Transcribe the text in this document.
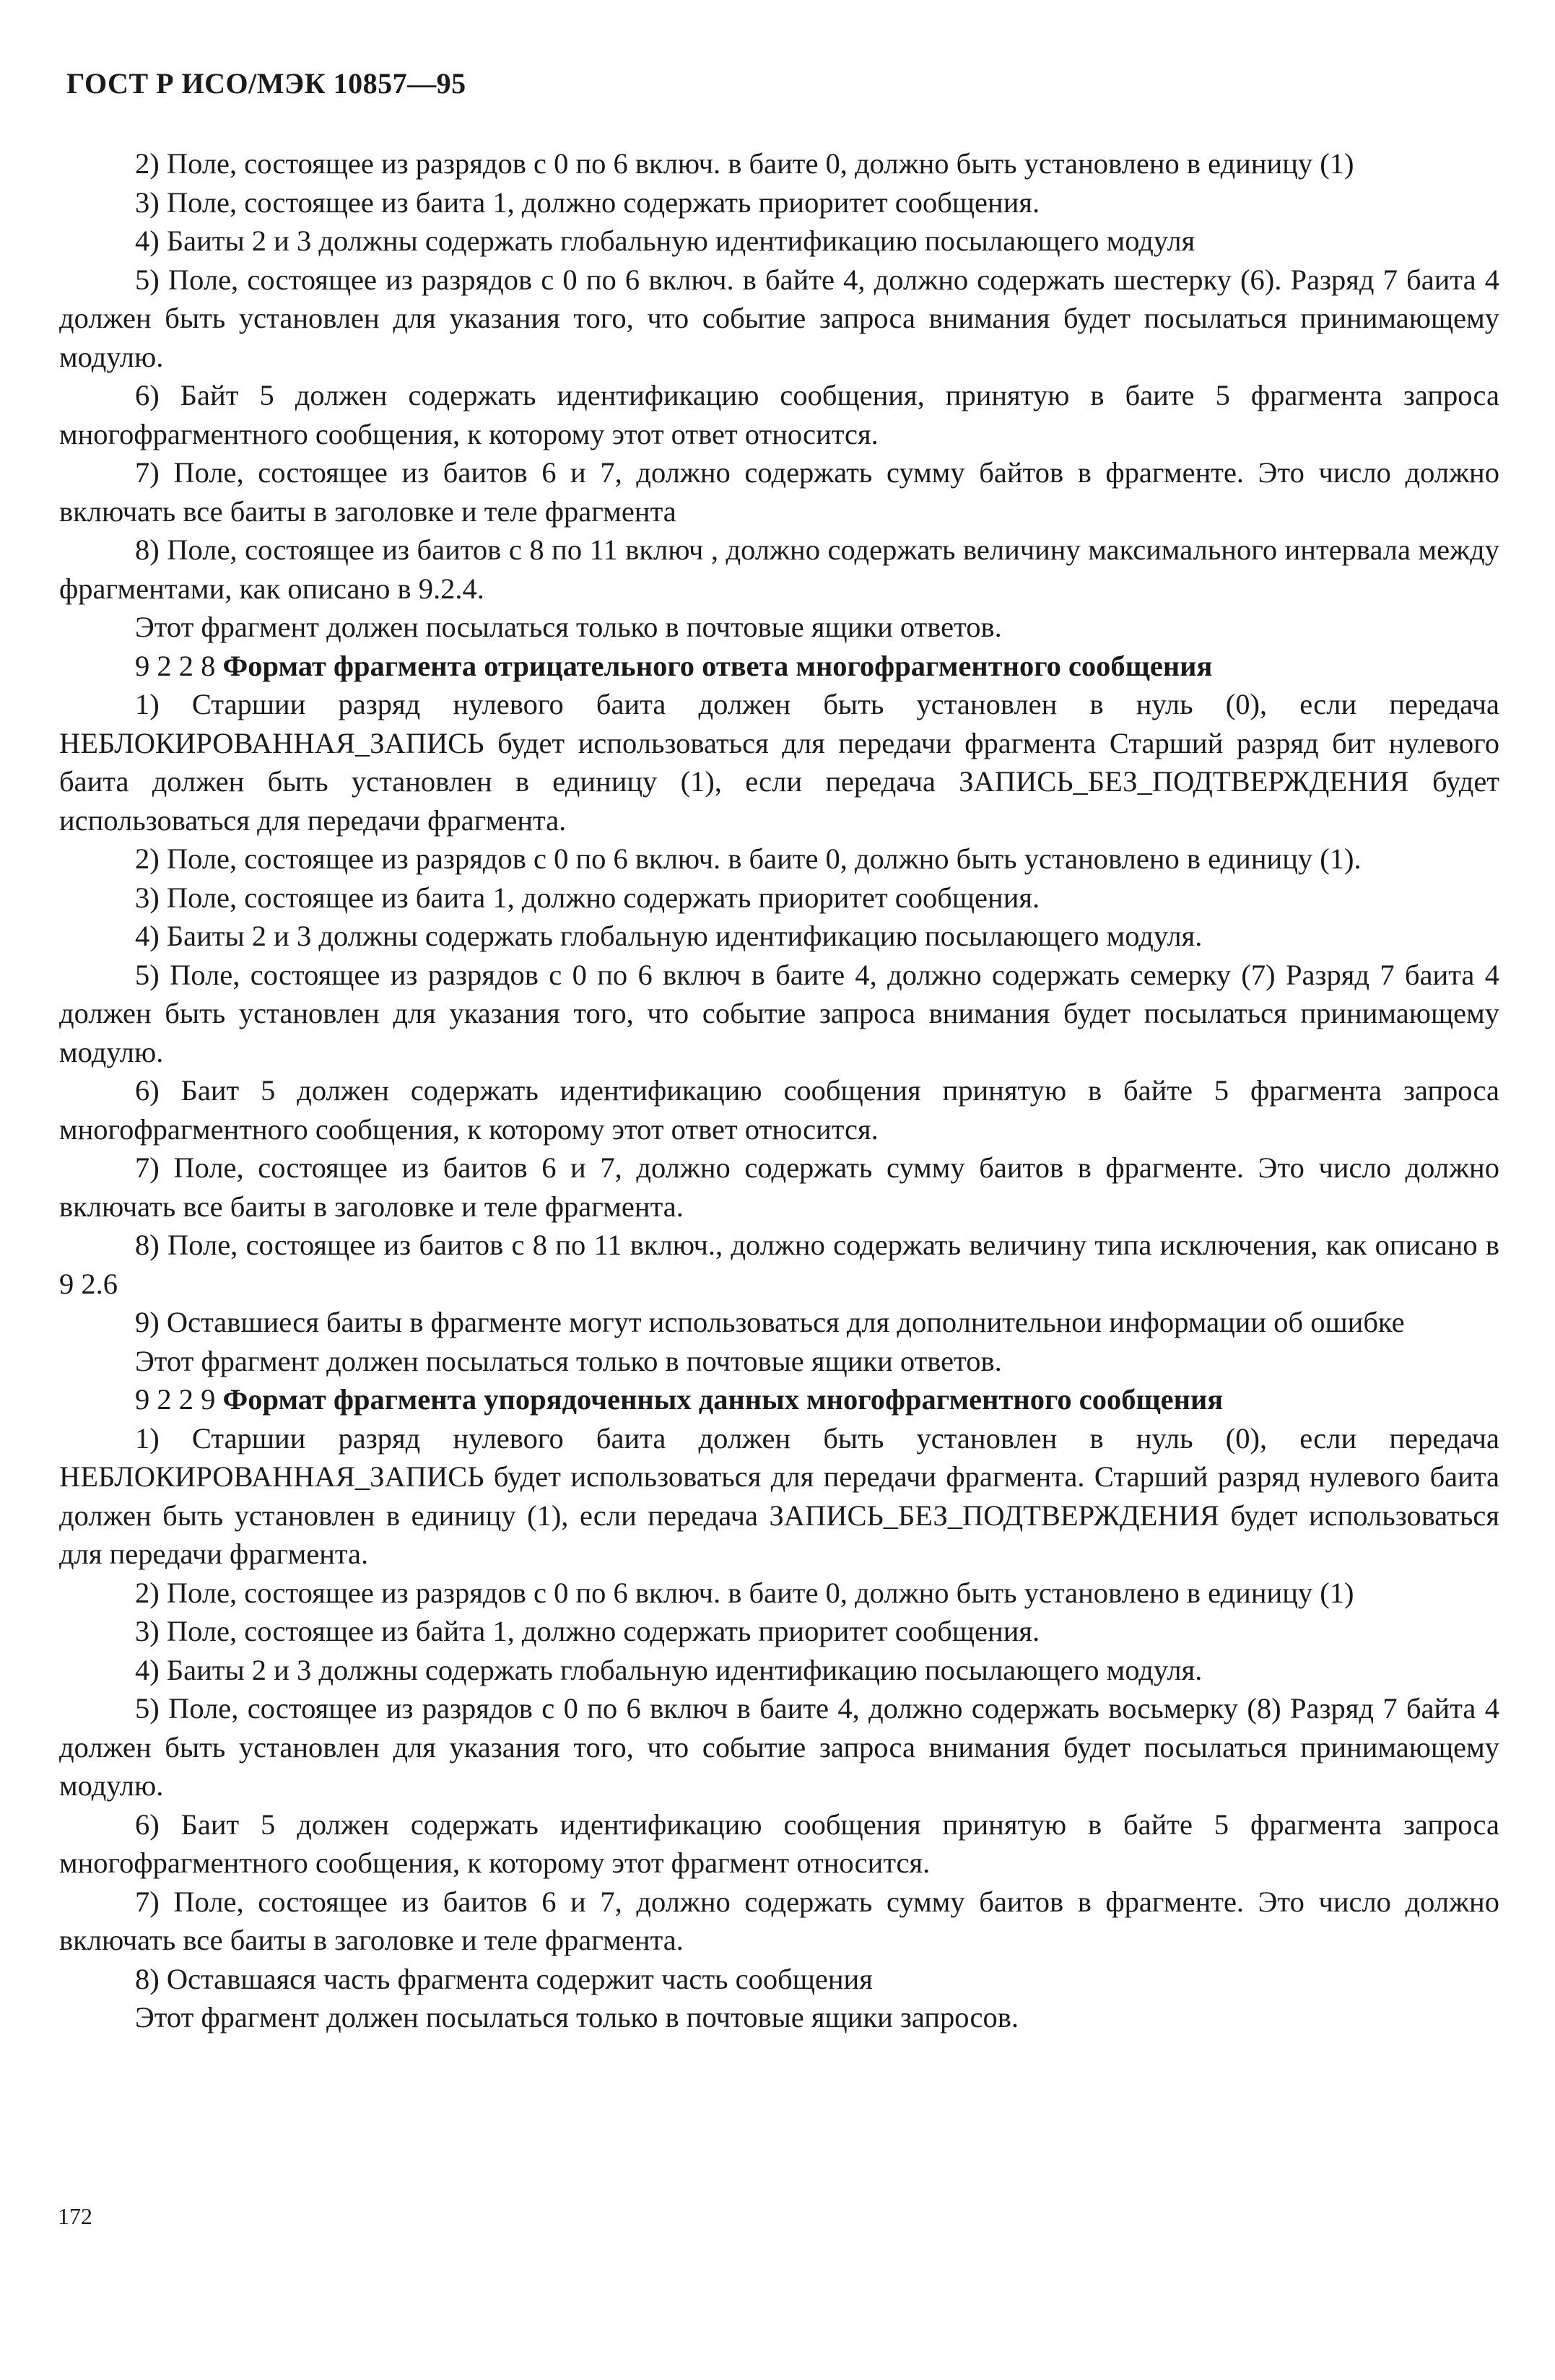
ГОСТ Р ИСО/МЭК 10857—95

2) Поле, состоящее из разрядов с 0 по 6 включ. в баите 0, должно быть установлено в единицу (1)

3) Поле, состоящее из баита 1, должно содержать приоритет сообщения.

4) Баиты 2 и 3 должны содержать глобальную идентификацию посылающего модуля

5) Поле, состоящее из разрядов с 0 по 6 включ. в байте 4, должно содержать шестерку (6). Разряд 7 баита 4 должен быть установлен для указания того, что событие запроса внимания будет посылаться принимающему модулю.

6) Байт 5 должен содержать идентификацию сообщения, принятую в баите 5 фрагмента запроса многофрагментного сообщения, к которому этот ответ относится.

7) Поле, состоящее из баитов 6 и 7, должно содержать сумму байтов в фрагменте. Это число должно включать все баиты в заголовке и теле фрагмента

8) Поле, состоящее из баитов с 8 по 11 включ , должно содержать величину максимального интервала между фрагментами, как описано в 9.2.4.

Этот фрагмент должен посылаться только в почтовые ящики ответов.

9 2 2 8 Формат фрагмента отрицательного ответа многофрагментного сообщения

1) Старшии разряд нулевого баита должен быть установлен в нуль (0), если передача НЕБЛОКИРОВАННАЯ_ЗАПИСЬ будет использоваться для передачи фрагмента Старший разряд бит нулевого баита должен быть установлен в единицу (1), если передача ЗАПИСЬ_БЕЗ_ПОДТВЕРЖДЕНИЯ будет использоваться для передачи фрагмента.

2) Поле, состоящее из разрядов с 0 по 6 включ. в баите 0, должно быть установлено в единицу (1).

3) Поле, состоящее из баита 1, должно содержать приоритет сообщения.

4) Баиты 2 и 3 должны содержать глобальную идентификацию посылающего модуля.

5) Поле, состоящее из разрядов с 0 по 6 включ в баите 4, должно содержать семерку (7) Разряд 7 баита 4 должен быть установлен для указания того, что событие запроса внимания будет посылаться принимающему модулю.

6) Баит 5 должен содержать идентификацию сообщения принятую в байте 5 фрагмента запроса многофрагментного сообщения, к которому этот ответ относится.

7) Поле, состоящее из баитов 6 и 7, должно содержать сумму баитов в фрагменте. Это число должно включать все баиты в заголовке и теле фрагмента.

8) Поле, состоящее из баитов с 8 по 11 включ., должно содержать величину типа исключения, как описано в 9 2.6

9) Оставшиеся баиты в фрагменте могут использоваться для дополнительнои информации об ошибке

Этот фрагмент должен посылаться только в почтовые ящики ответов.

9 2 2 9 Формат фрагмента упорядоченных данных многофрагментного сообщения

1) Старшии разряд нулевого баита должен быть установлен в нуль (0), если передача НЕБЛОКИРОВАННАЯ_ЗАПИСЬ будет использоваться для передачи фрагмента. Старший разряд нулевого баита должен быть установлен в единицу (1), если передача ЗАПИСЬ_БЕЗ_ПОДТВЕРЖДЕНИЯ будет использоваться для передачи фрагмента.

2) Поле, состоящее из разрядов с 0 по 6 включ. в баите 0, должно быть установлено в единицу (1)

3) Поле, состоящее из байта 1, должно содержать приоритет сообщения.

4) Баиты 2 и 3 должны содержать глобальную идентификацию посылающего модуля.

5) Поле, состоящее из разрядов с 0 по 6 включ в баите 4, должно содержать восьмерку (8) Разряд 7 байта 4 должен быть установлен для указания того, что событие запроса внимания будет посылаться принимающему модулю.

6) Баит 5 должен содержать идентификацию сообщения принятую в байте 5 фрагмента запроса многофрагментного сообщения, к которому этот фрагмент относится.

7) Поле, состоящее из баитов 6 и 7, должно содержать сумму баитов в фрагменте. Это число должно включать все баиты в заголовке и теле фрагмента.

8) Оставшаяся часть фрагмента содержит часть сообщения

Этот фрагмент должен посылаться только в почтовые ящики запросов.

172
